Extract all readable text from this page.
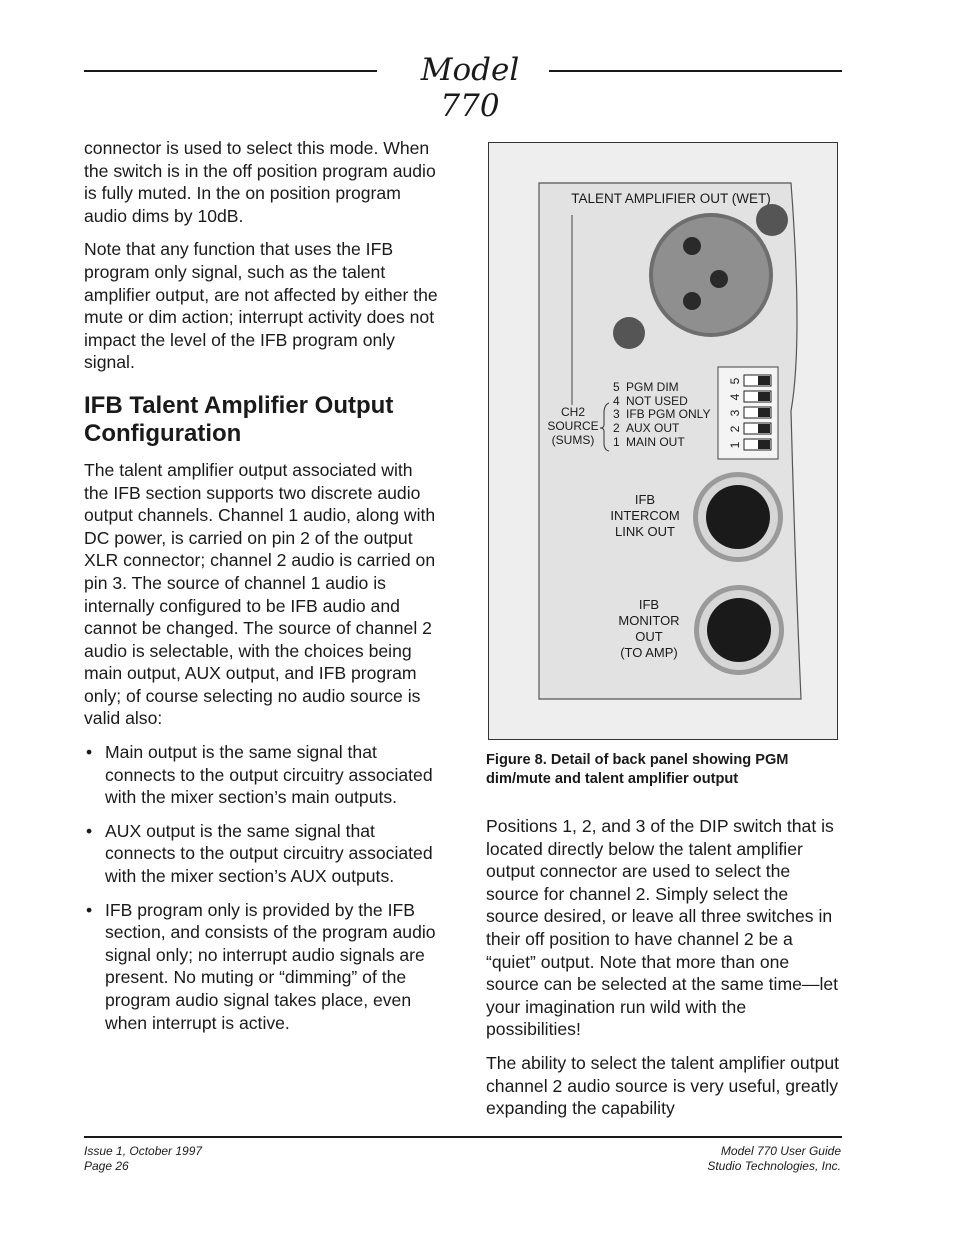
Model 770

connector is used to select this mode. When the switch is in the off position program audio is fully muted. In the on position program audio dims by 10dB.

Note that any function that uses the IFB program only signal, such as the talent amplifier output, are not affected by either the mute or dim action; interrupt activity does not impact the level of the IFB program only signal.

IFB Talent Amplifier Output Configuration

The talent amplifier output associated with the IFB section supports two discrete audio output channels. Channel 1 audio, along with DC power, is carried on pin 2 of the output XLR connector; channel 2 audio is carried on pin 3. The source of channel 1 audio is internally configured to be IFB audio and cannot be changed. The source of channel 2 audio is selectable, with the choices being main output, AUX output, and IFB program only; of course selecting no audio source is valid also:

• Main output is the same signal that connects to the output circuitry associated with the mixer section’s main outputs.
• AUX output is the same signal that connects to the output circuitry associated with the mixer section’s AUX outputs.
• IFB program only is provided by the IFB section, and consists of the program audio signal only; no interrupt audio signals are present. No muting or “dimming” of the program audio signal takes place, even when interrupt is active.
TALENT AMPLIFIER OUT (WET)
CH2
SOURCE
(SUMS)
5 PGM DIM
4 NOT USED
3 IFB PGM ONLY
2 AUX OUT
1 MAIN OUT
5
4
3
2
1
IFB
INTERCOM
LINK OUT
IFB
MONITOR
OUT
(TO AMP)
Figure 8. Detail of back panel showing PGM dim/mute and talent amplifier output

Positions 1, 2, and 3 of the DIP switch that is located directly below the talent amplifier output connector are used to select the source for channel 2. Simply select the source desired, or leave all three switches in their off position to have channel 2 be a “quiet” output. Note that more than one source can be selected at the same time—let your imagination run wild with the possibilities!

The ability to select the talent amplifier output channel 2 audio source is very useful, greatly expanding the capability

Issue 1, October 1997
Page 26
Model 770 User Guide
Studio Technologies, Inc.
